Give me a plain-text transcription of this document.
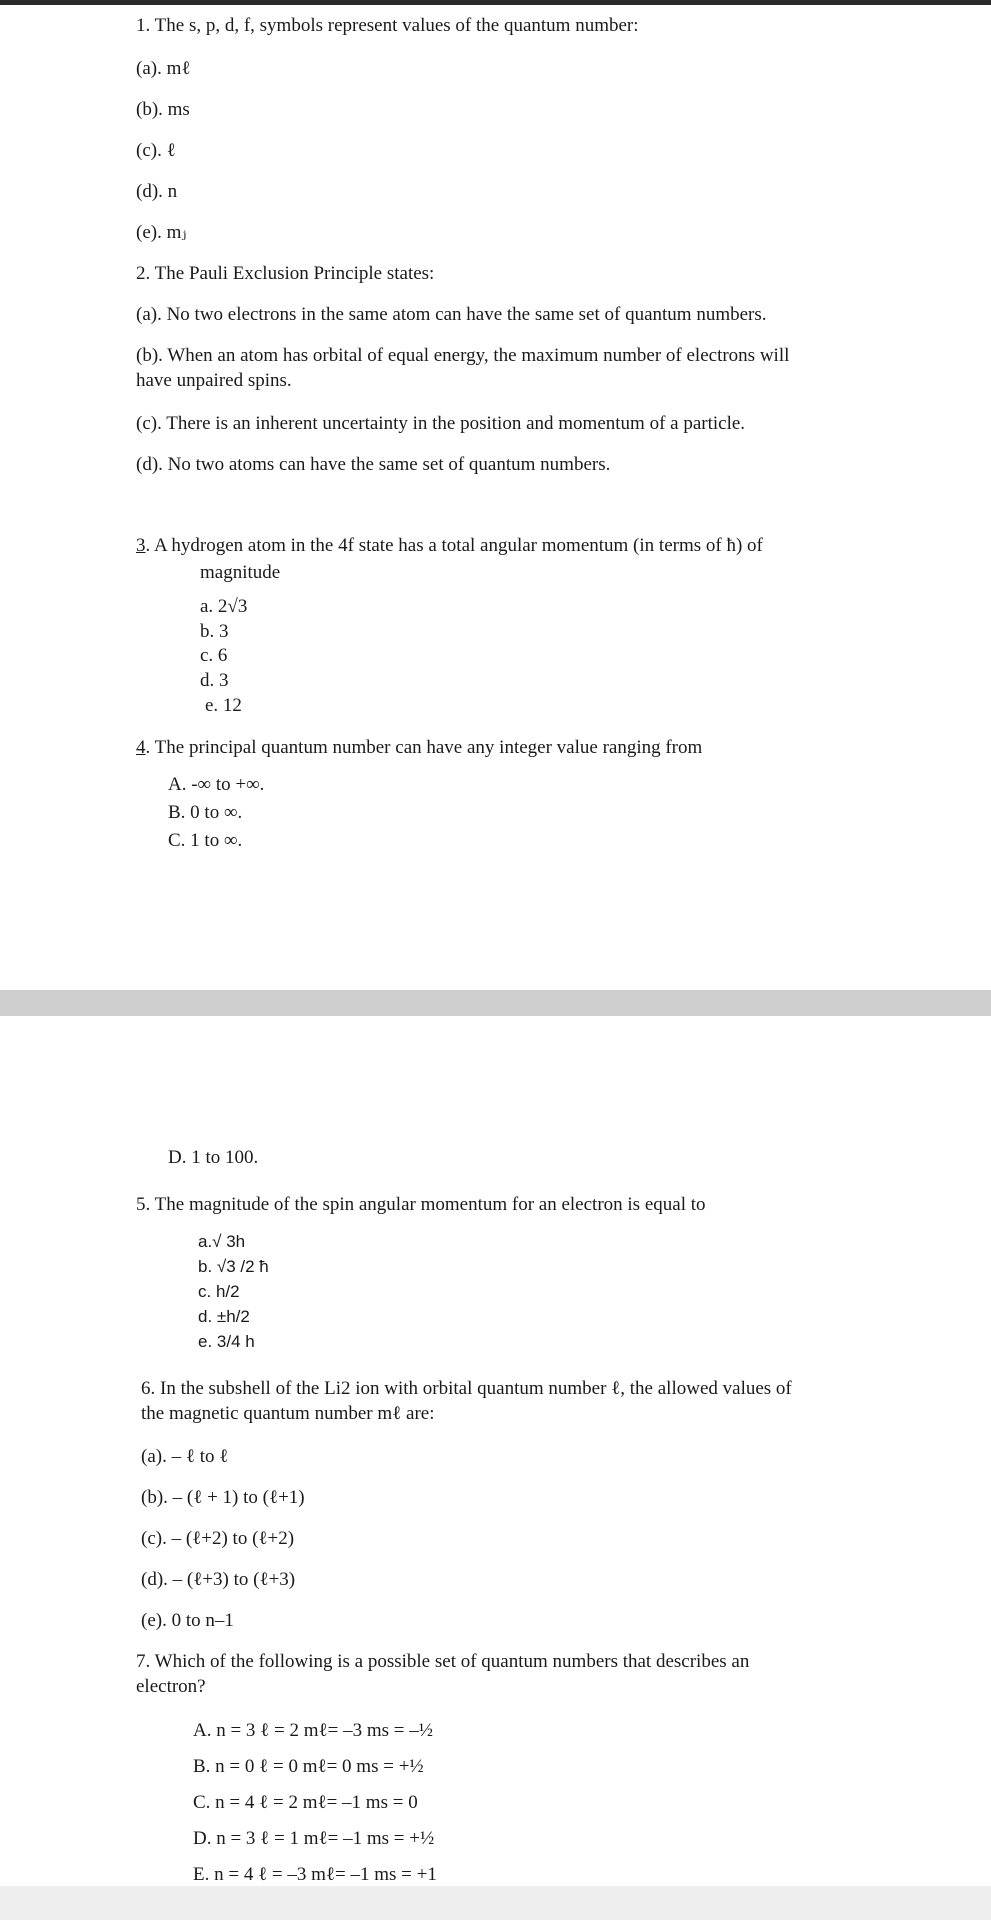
1. The s, p, d, f, symbols represent values of the quantum number:
(a). mℓ
(b). ms
(c). ℓ
(d). n
(e). mⱼ
2. The Pauli Exclusion Principle states:
(a). No two electrons in the same atom can have the same set of quantum numbers.
(b). When an atom has orbital of equal energy, the maximum number of electrons will
have unpaired spins.
(c). There is an inherent uncertainty in the position and momentum of a particle.
(d). No two atoms can have the same set of quantum numbers.
3. A hydrogen atom in the 4f state has a total angular momentum (in terms of ħ) of
magnitude
a. 2√3
b. 3
c. 6
d. 3
e. 12
4. The principal quantum number can have any integer value ranging from
A. -∞ to +∞.
B. 0 to ∞.
C. 1 to ∞.
D. 1 to 100.
5. The magnitude of the spin angular momentum for an electron is equal to
a.√ 3h
b. √3 /2 ħ
c. h/2
d. ±h/2
e. 3/4 h
6. In the subshell of the Li2 ion with orbital quantum number ℓ, the allowed values of
the magnetic quantum number mℓ are:
(a). – ℓ to ℓ
(b). – (ℓ + 1) to (ℓ+1)
(c). – (ℓ+2) to (ℓ+2)
(d). – (ℓ+3) to (ℓ+3)
(e). 0 to n–1
7. Which of the following is a possible set of quantum numbers that describes an
electron?
A. n = 3 ℓ = 2 mℓ= –3 ms = –½
B. n = 0 ℓ = 0 mℓ= 0 ms = +½
C. n = 4 ℓ = 2 mℓ= –1 ms = 0
D. n = 3 ℓ = 1 mℓ= –1 ms = +½
E. n = 4 ℓ = –3 mℓ= –1 ms = +1
